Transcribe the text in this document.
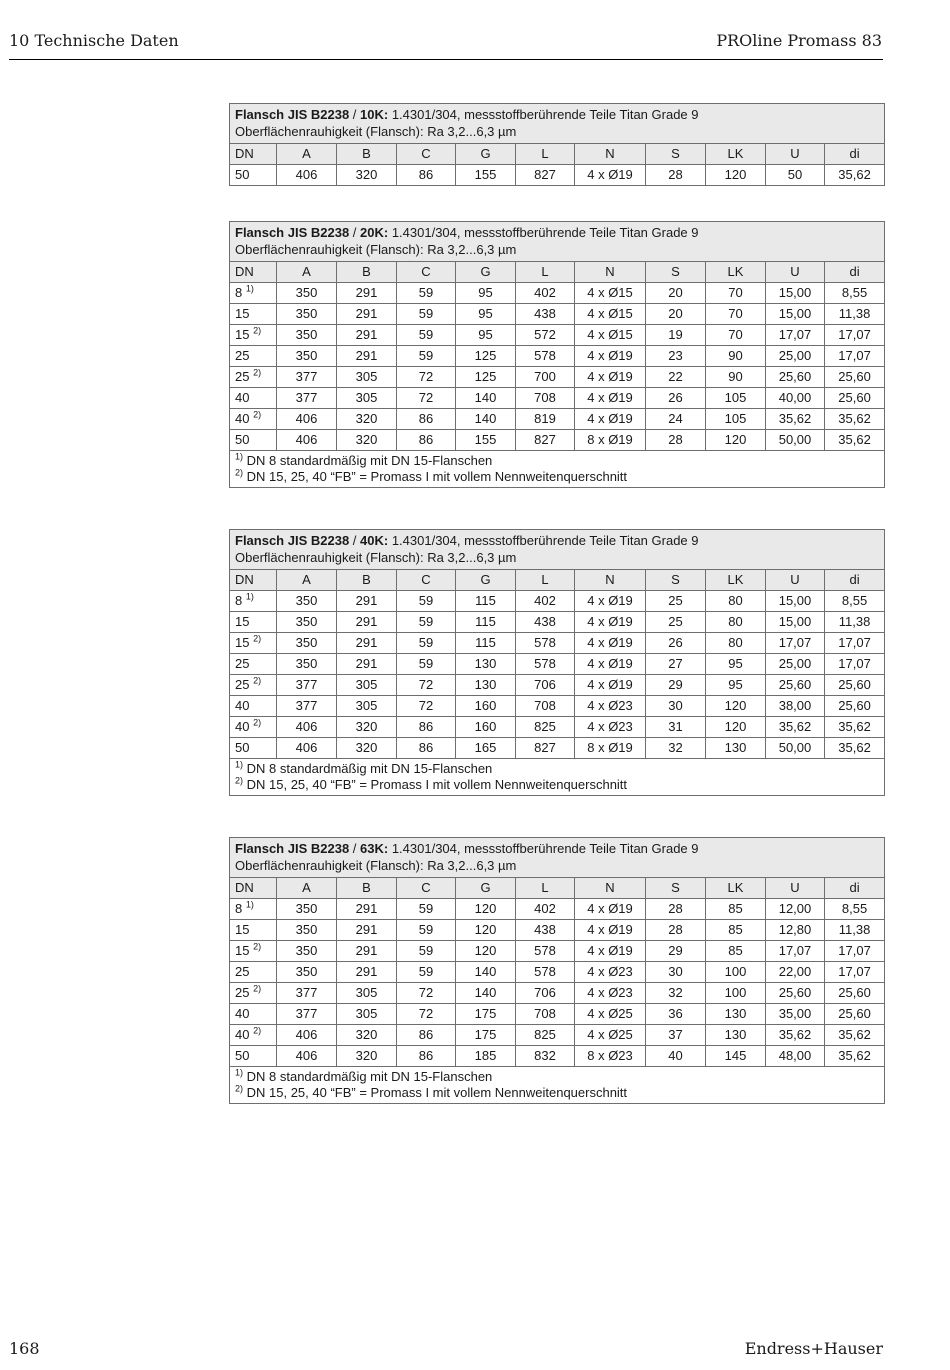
10 Technische Daten	PROline Promass 83
Flansch JIS B2238 / 10K: 1.4301/304, messstoffberührende Teile Titan Grade 9
Oberflächenrauhigkeit (Flansch): Ra 3,2...6,3 µm										
DN	A	B	C	G	L	N	S	LK	U	di
50	406	320	86	155	827	4 x Ø19	28	120	50	35,62
Flansch JIS B2238 / 20K: 1.4301/304, messstoffberührende Teile Titan Grade 9
Oberflächenrauhigkeit (Flansch): Ra 3,2...6,3 µm										
DN	A	B	C	G	L	N	S	LK	U	di
8 $^{1)}$	350	291	59	95	402	4 x Ø15	20	70	15,00	8,55
15	350	291	59	95	438	4 x Ø15	20	70	15,00	11,38
15 $^{2)}$	350	291	59	95	572	4 x Ø15	19	70	17,07	17,07
25	350	291	59	125	578	4 x Ø19	23	90	25,00	17,07
25 $^{2)}$	377	305	72	125	700	4 x Ø19	22	90	25,60	25,60
40	377	305	72	140	708	4 x Ø19	26	105	40,00	25,60
40 $^{2)}$	406	320	86	140	819	4 x Ø19	24	105	35,62	35,62
50	406	320	86	155	827	8 x Ø19	28	120	50,00	35,62

$^{1)}$ DN 8 standardmäßig mit DN 15-Flanschen
$^{2)}$ DN 15, 25, 40 “FB” = Promass I mit vollem Nennweitenquerschnitt										
Flansch JIS B2238 / 40K: 1.4301/304, messstoffberührende Teile Titan Grade 9
Oberflächenrauhigkeit (Flansch): Ra 3,2...6,3 µm										
DN	A	B	C	G	L	N	S	LK	U	di
8 $^{1)}$	350	291	59	115	402	4 x Ø19	25	80	15,00	8,55
15	350	291	59	115	438	4 x Ø19	25	80	15,00	11,38
15 $^{2)}$	350	291	59	115	578	4 x Ø19	26	80	17,07	17,07
25	350	291	59	130	578	4 x Ø19	27	95	25,00	17,07
25 $^{2)}$	377	305	72	130	706	4 x Ø19	29	95	25,60	25,60
40	377	305	72	160	708	4 x Ø23	30	120	38,00	25,60
40 $^{2)}$	406	320	86	160	825	4 x Ø23	31	120	35,62	35,62
50	406	320	86	165	827	8 x Ø19	32	130	50,00	35,62

$^{1)}$ DN 8 standardmäßig mit DN 15-Flanschen
$^{2)}$ DN 15, 25, 40 “FB” = Promass I mit vollem Nennweitenquerschnitt										
Flansch JIS B2238 / 63K: 1.4301/304, messstoffberührende Teile Titan Grade 9
Oberflächenrauhigkeit (Flansch): Ra 3,2...6,3 µm										
DN	A	B	C	G	L	N	S	LK	U	di
8 $^{1)}$	350	291	59	120	402	4 x Ø19	28	85	12,00	8,55
15	350	291	59	120	438	4 x Ø19	28	85	12,80	11,38
15 $^{2)}$	350	291	59	120	578	4 x Ø19	29	85	17,07	17,07
25	350	291	59	140	578	4 x Ø23	30	100	22,00	17,07
25 $^{2)}$	377	305	72	140	706	4 x Ø23	32	100	25,60	25,60
40	377	305	72	175	708	4 x Ø25	36	130	35,00	25,60
40 $^{2)}$	406	320	86	175	825	4 x Ø25	37	130	35,62	35,62
50	406	320	86	185	832	8 x Ø23	40	145	48,00	35,62

$^{1)}$ DN 8 standardmäßig mit DN 15-Flanschen
$^{2)}$ DN 15, 25, 40 “FB” = Promass I mit vollem Nennweitenquerschnitt										
168	Endress+Hauser
